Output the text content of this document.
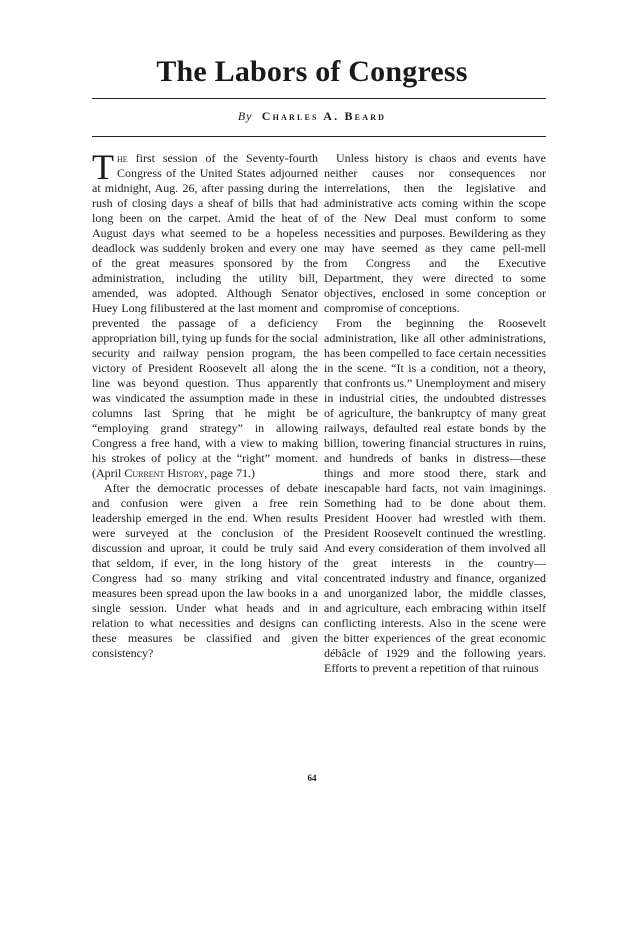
The Labors of Congress
By Charles A. Beard

The first session of the Seventy-fourth Congress of the United States adjourned at midnight, Aug. 26, after passing during the rush of closing days a sheaf of bills that had long been on the carpet. Amid the heat of August days what seemed to be a hopeless deadlock was suddenly broken and every one of the great measures sponsored by the administration, including the utility bill, amended, was adopted. Although Senator Huey Long filibustered at the last moment and prevented the passage of a deficiency appropriation bill, tying up funds for the social security and railway pension program, the victory of President Roosevelt all along the line was beyond question. Thus apparently was vindicated the assumption made in these columns last Spring that he might be “employing grand strategy” in allowing Congress a free hand, with a view to making his strokes of policy at the “right” moment. (April Current History, page 71.)

After the democratic processes of debate and confusion were given a free rein leadership emerged in the end. When results were surveyed at the conclusion of the discussion and uproar, it could be truly said that seldom, if ever, in the long history of Congress had so many striking and vital measures been spread upon the law books in a single session. Under what heads and in relation to what necessities and designs can these measures be classified and given consistency?

Unless history is chaos and events have neither causes nor consequences nor interrelations, then the legislative and administrative acts coming within the scope of the New Deal must conform to some necessities and purposes. Bewildering as they may have seemed as they came pell-mell from Congress and the Executive Department, they were directed to some objectives, enclosed in some conception or compromise of conceptions.

From the beginning the Roosevelt administration, like all other administrations, has been compelled to face certain necessities in the scene. “It is a condition, not a theory, that confronts us.” Unemployment and misery in industrial cities, the undoubted distresses of agriculture, the bankruptcy of many great railways, defaulted real estate bonds by the billion, towering financial structures in ruins, and hundreds of banks in distress—these things and more stood there, stark and inescapable hard facts, not vain imaginings. Something had to be done about them. President Hoover had wrestled with them. President Roosevelt continued the wrestling. And every consideration of them involved all the great interests in the country—concentrated industry and finance, organized and unorganized labor, the middle classes, and agriculture, each embracing within itself conflicting interests. Also in the scene were the bitter experiences of the great economic débâcle of 1929 and the following years. Efforts to prevent a repetition of that ruinous

64
